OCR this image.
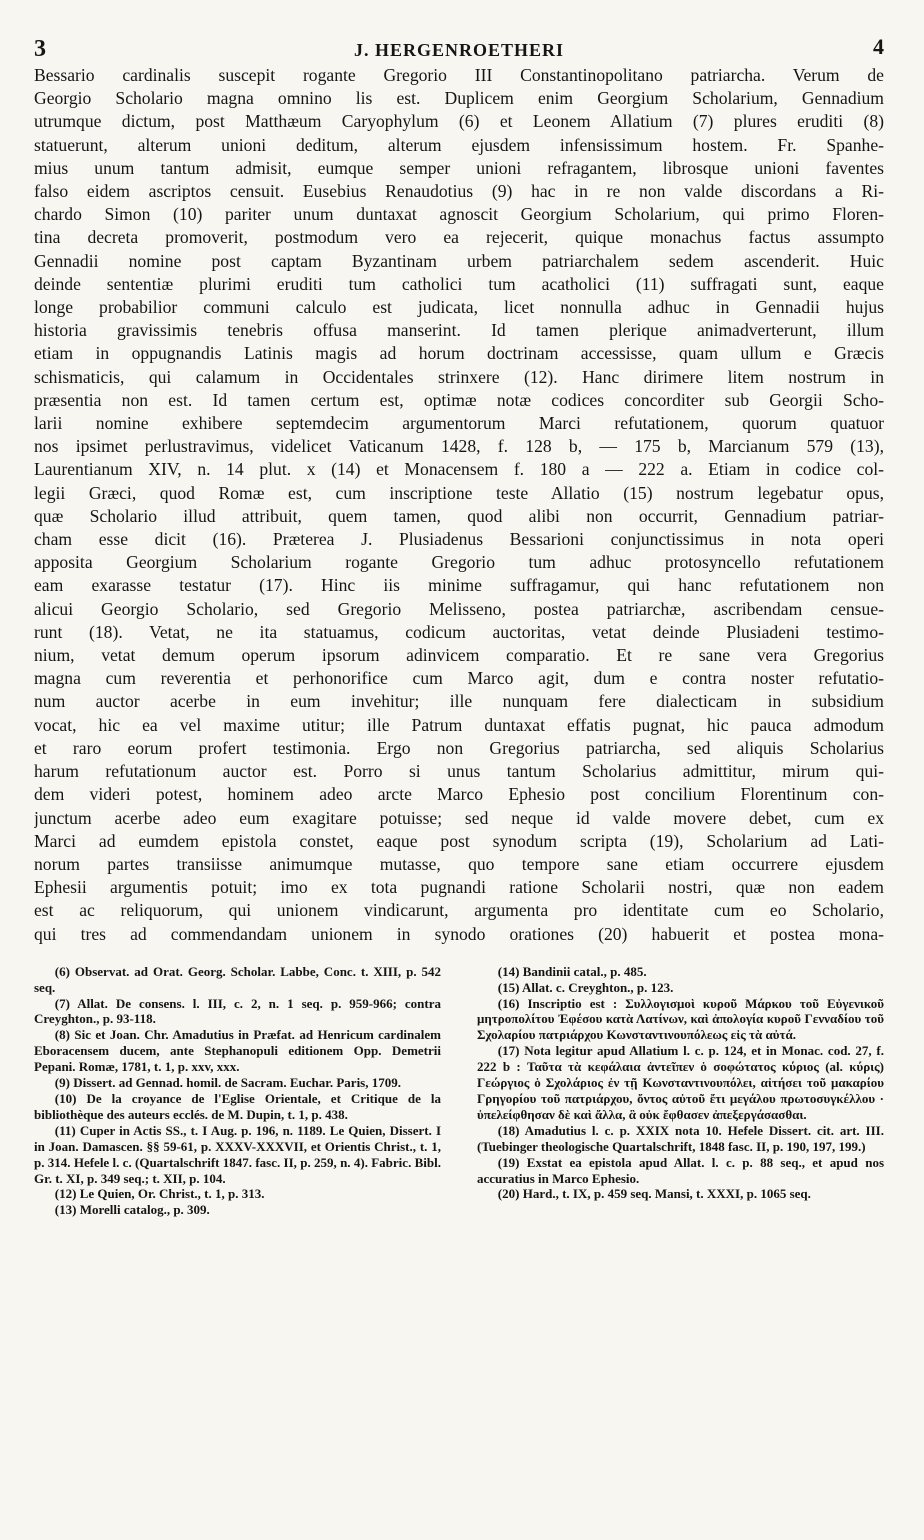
3	J. HERGENROETHERI	4
Bessario cardinalis suscepit rogante Gregorio III Constantinopolitano patriarcha. Verum de
Georgio Scholario magna omnino lis est. Duplicem enim Georgium Scholarium, Gennadium
utrumque dictum, post Matthæum Caryophylum (6) et Leonem Allatium (7) plures eruditi (8)
statuerunt, alterum unioni deditum, alterum ejusdem infensissimum hostem. Fr. Spanhe-
mius unum tantum admisit, eumque semper unioni refragantem, librosque unioni faventes
falso eidem ascriptos censuit. Eusebius Renaudotius (9) hac in re non valde discordans a Ri-
chardo Simon (10) pariter unum duntaxat agnoscit Georgium Scholarium, qui primo Floren-
tina decreta promoverit, postmodum vero ea rejecerit, quique monachus factus assumpto
Gennadii nomine post captam Byzantinam urbem patriarchalem sedem ascenderit. Huic
deinde sententiæ plurimi eruditi tum catholici tum acatholici (11) suffragati sunt, eaque
longe probabilior communi calculo est judicata, licet nonnulla adhuc in Gennadii hujus
historia gravissimis tenebris offusa manserint. Id tamen plerique animadverterunt, illum
etiam in oppugnandis Latinis magis ad horum doctrinam accessisse, quam ullum e Græcis
schismaticis, qui calamum in Occidentales strinxere (12). Hanc dirimere litem nostrum in
præsentia non est. Id tamen certum est, optimæ notæ codices concorditer sub Georgii Scho-
larii nomine exhibere septemdecim argumentorum Marci refutationem, quorum quatuor
nos ipsimet perlustravimus, videlicet Vaticanum 1428, f. 128 b, — 175 b, Marcianum 579 (13),
Laurentianum XIV, n. 14 plut. x (14) et Monacensem f. 180 a — 222 a. Etiam in codice col-
legii Græci, quod Romæ est, cum inscriptione teste Allatio (15) nostrum legebatur opus,
quæ Scholario illud attribuit, quem tamen, quod alibi non occurrit, Gennadium patriar-
cham esse dicit (16). Præterea J. Plusiadenus Bessarioni conjunctissimus in nota operi
apposita Georgium Scholarium rogante Gregorio tum adhuc protosyncello refutationem
eam exarasse testatur (17). Hinc iis minime suffragamur, qui hanc refutationem non
alicui Georgio Scholario, sed Gregorio Melisseno, postea patriarchæ, ascribendam censue-
runt (18). Vetat, ne ita statuamus, codicum auctoritas, vetat deinde Plusiadeni testimo-
nium, vetat demum operum ipsorum adinvicem comparatio. Et re sane vera Gregorius
magna cum reverentia et perhonorifice cum Marco agit, dum e contra noster refutatio-
num auctor acerbe in eum invehitur; ille nunquam fere dialecticam in subsidium
vocat, hic ea vel maxime utitur; ille Patrum duntaxat effatis pugnat, hic pauca admodum
et raro eorum profert testimonia. Ergo non Gregorius patriarcha, sed aliquis Scholarius
harum refutationum auctor est. Porro si unus tantum Scholarius admittitur, mirum qui-
dem videri potest, hominem adeo arcte Marco Ephesio post concilium Florentinum con-
junctum acerbe adeo eum exagitare potuisse; sed neque id valde movere debet, cum ex
Marci ad eumdem epistola constet, eaque post synodum scripta (19), Scholarium ad Lati-
norum partes transiisse animumque mutasse, quo tempore sane etiam occurrere ejusdem
Ephesii argumentis potuit; imo ex tota pugnandi ratione Scholarii nostri, quæ non eadem
est ac reliquorum, qui unionem vindicarunt, argumenta pro identitate cum eo Scholario,
qui tres ad commendandam unionem in synodo orationes (20) habuerit et postea mona-

(6) Observat. ad Orat. Georg. Scholar. Labbe, Conc. t. XIII, p. 542 seq.

(7) Allat. De consens. l. III, c. 2, n. 1 seq. p. 959-966; contra Creyghton., p. 93-118.

(8) Sic et Joan. Chr. Amadutius in Præfat. ad Henricum cardinalem Eboracensem ducem, ante Stephanopuli editionem Opp. Demetrii Pepani. Romæ, 1781, t. 1, p. xxv, xxx.

(9) Dissert. ad Gennad. homil. de Sacram. Euchar. Paris, 1709.

(10) De la croyance de l'Eglise Orientale, et Critique de la bibliothèque des auteurs ecclés. de M. Dupin, t. 1, p. 438.

(11) Cuper in Actis SS., t. I Aug. p. 196, n. 1189. Le Quien, Dissert. I in Joan. Damascen. §§ 59-61, p. XXXV-XXXVII, et Orientis Christ., t. 1, p. 314. Hefele l. c. (Quartalschrift 1847. fasc. II, p. 259, n. 4). Fabric. Bibl. Gr. t. XI, p. 349 seq.; t. XII, p. 104.

(12) Le Quien, Or. Christ., t. 1, p. 313.

(13) Morelli catalog., p. 309.

(14) Bandinii catal., p. 485.

(15) Allat. c. Creyghton., p. 123.

(16) Inscriptio est : Συλλογισμοὶ κυροῦ Μάρκου τοῦ Εὐγενικοῦ μητροπολίτου Ἐφέσου κατὰ Λατίνων, καὶ ἀπολογία κυροῦ Γενναδίου τοῦ Σχολαρίου πατριάρχου Κωνσταντινουπόλεως εἰς τὰ αὐτά.

(17) Nota legitur apud Allatium l. c. p. 124, et in Monac. cod. 27, f. 222 b : Ταῦτα τὰ κεφάλαια ἀντεῖπεν ὁ σοφώτατος κύριος (al. κύρις) Γεώργιος ὁ Σχολάριος ἐν τῇ Κωνσταντινουπόλει, αἰτήσει τοῦ μακαρίου Γρηγορίου τοῦ πατριάρχου, ὄντος αὐτοῦ ἔτι μεγάλου πρωτοσυγκέλλου · ὑπελείφθησαν δὲ καὶ ἄλλα, ἃ οὐκ ἔφθασεν ἀπεξεργάσασθαι.

(18) Amadutius l. c. p. XXIX nota 10. Hefele Dissert. cit. art. III. (Tuebinger theologische Quartalschrift, 1848 fasc. II, p. 190, 197, 199.)

(19) Exstat ea epistola apud Allat. l. c. p. 88 seq., et apud nos accuratius in Marco Ephesio.

(20) Hard., t. IX, p. 459 seq. Mansi, t. XXXI, p. 1065 seq.
